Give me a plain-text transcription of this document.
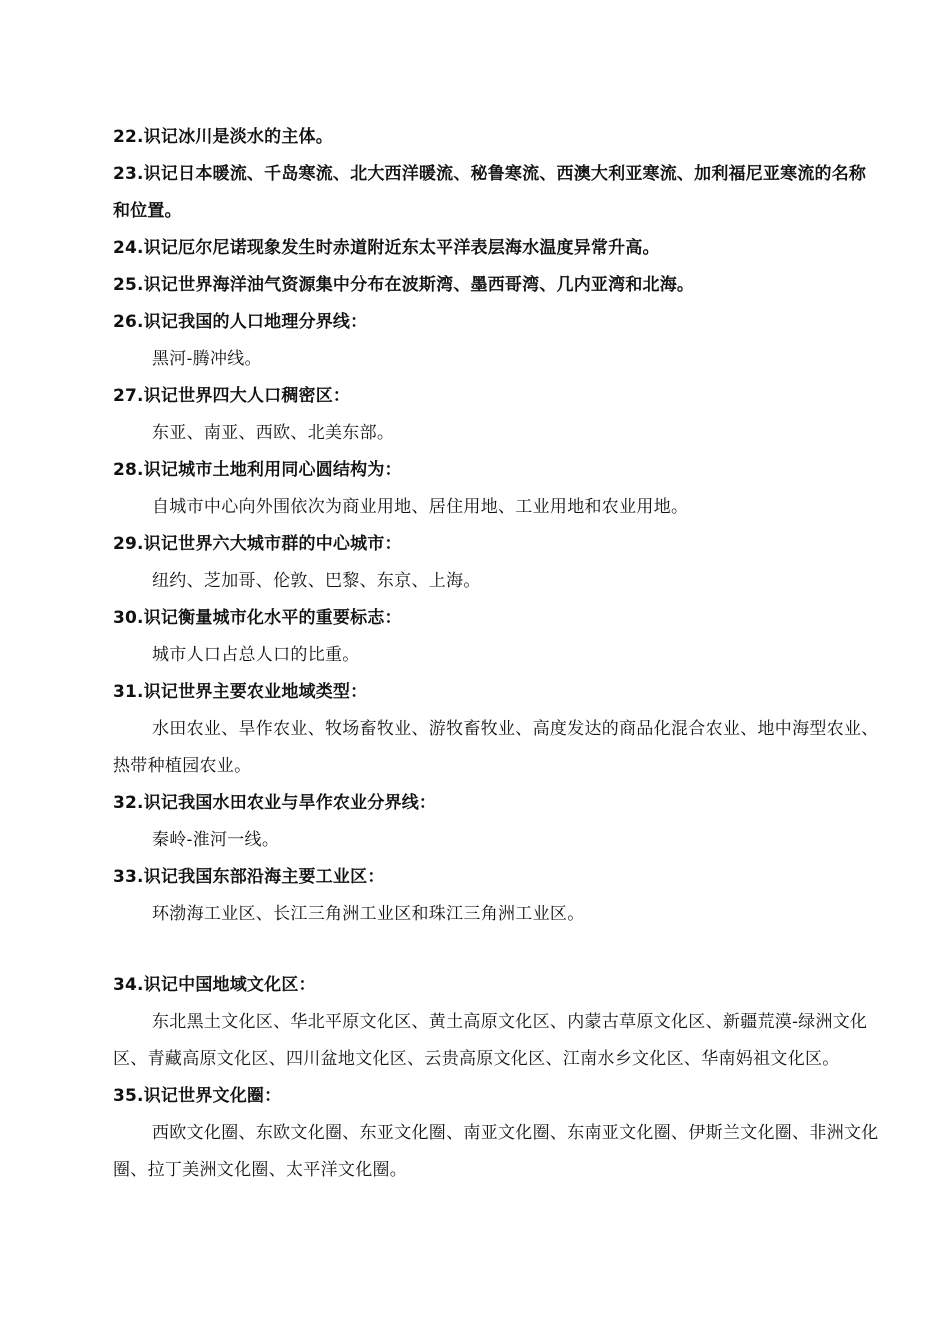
22.识记冰川是淡水的主体。

23.识记日本暖流、千岛寒流、北大西洋暖流、秘鲁寒流、西澳大利亚寒流、加利福尼亚寒流的名称和位置。

24.识记厄尔尼诺现象发生时赤道附近东太平洋表层海水温度异常升高。

25.识记世界海洋油气资源集中分布在波斯湾、墨西哥湾、几内亚湾和北海。

26.识记我国的人口地理分界线：

黑河-腾冲线。

27.识记世界四大人口稠密区：

东亚、南亚、西欧、北美东部。

28.识记城市土地利用同心圆结构为：

自城市中心向外围依次为商业用地、居住用地、工业用地和农业用地。

29.识记世界六大城市群的中心城市：

纽约、芝加哥、伦敦、巴黎、东京、上海。

30.识记衡量城市化水平的重要标志：

城市人口占总人口的比重。

31.识记世界主要农业地域类型：

水田农业、旱作农业、牧场畜牧业、游牧畜牧业、高度发达的商品化混合农业、地中海型农业、热带种植园农业。

32.识记我国水田农业与旱作农业分界线：

秦岭-淮河一线。

33.识记我国东部沿海主要工业区：

环渤海工业区、长江三角洲工业区和珠江三角洲工业区。

34.识记中国地域文化区：

东北黑土文化区、华北平原文化区、黄土高原文化区、内蒙古草原文化区、新疆荒漠-绿洲文化区、青藏高原文化区、四川盆地文化区、云贵高原文化区、江南水乡文化区、华南妈祖文化区。

35.识记世界文化圈：

西欧文化圈、东欧文化圈、东亚文化圈、南亚文化圈、东南亚文化圈、伊斯兰文化圈、非洲文化圈、拉丁美洲文化圈、太平洋文化圈。
